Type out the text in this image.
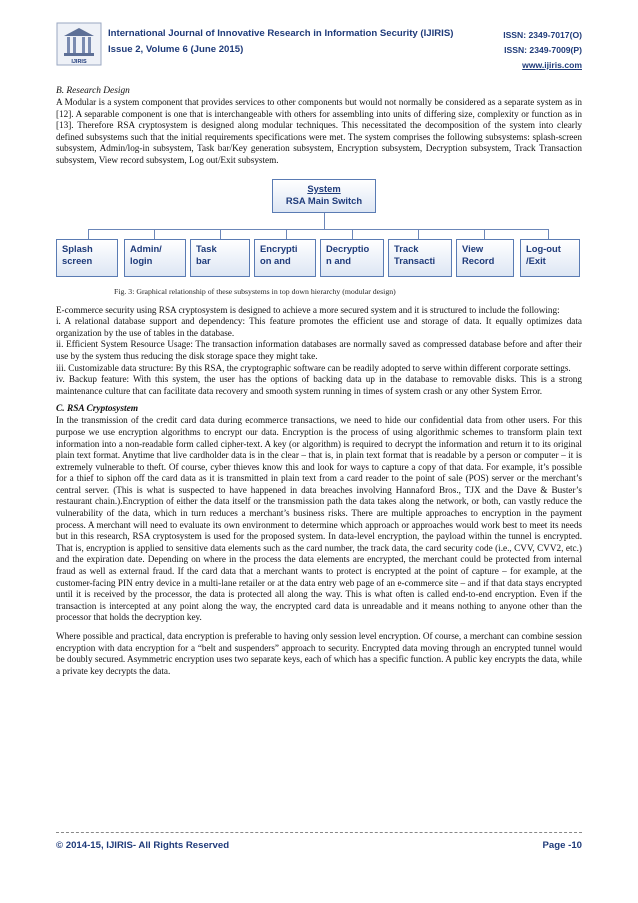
IJIRIS
International Journal of Innovative Research in Information Security (IJIRIS)
Issue 2, Volume 6 (June 2015)
ISSN: 2349-7017(O)
ISSN: 2349-7009(P)
www.ijiris.com
B. Research Design

A Modular is a system component that provides services to other components but would not normally be considered as a separate system as in [12]. A separable component is one that is interchangeable with others for assembling into units of differing size, complexity or function as in [13]. Therefore RSA cryptosystem is designed along modular techniques. This necessitated the decomposition of the system into clearly defined subsystems such that the initial requirements specifications were met. The system comprises the following subsystems: splash-screen subsystem, Admin/log-in subsystem, Task bar/Key generation subsystem, Encryption subsystem, Decryption subsystem, Track Transaction subsystem, View record subsystem, Log out/Exit subsystem.

System
RSA Main Switch
Splash
screen
Admin/
login
Task
bar
Encrypti
on and
Decryptio
n and
Track
Transacti
View
Record
Log-out
/Exit
Fig. 3: Graphical relationship of these subsystems in top down hierarchy (modular design)

E-commerce security using RSA cryptosystem is designed to achieve a more secured system and it is structured to include the following:

i. A relational database support and dependency: This feature promotes the efficient use and storage of data. It equally optimizes data organization by the use of tables in the database.
ii. Efficient System Resource Usage: The transaction information databases are normally saved as compressed database before and after their use by the system thus reducing the disk storage space they might take.
iii. Customizable data structure: By this RSA, the cryptographic software can be readily adopted to serve within different corporate settings.
iv. Backup feature: With this system, the user has the options of backing data up in the database to removable disks. This is a strong maintenance culture that can facilitate data recovery and smooth system running in times of system crash or any other System Error.
C. RSA Cryptosystem

In the transmission of the credit card data during ecommerce transactions, we need to hide our confidential data from other users. For this purpose we use encryption algorithms to encrypt our data. Encryption is the process of using algorithmic schemes to transform plain text information into a non-readable form called cipher-text. A key (or algorithm) is required to decrypt the information and return it to its original plain text format. Anytime that live cardholder data is in the clear – that is, in plain text format that is readable by a person or computer – it is extremely vulnerable to theft. Of course, cyber thieves know this and look for ways to capture a copy of that data. For example, it’s possible for a thief to siphon off the card data as it is transmitted in plain text from a card reader to the point of sale (POS) server or the merchant’s central server. (This is what is suspected to have happened in data breaches involving Hannaford Bros., TJX and the Dave & Buster’s restaurant chain.).Encryption of either the data itself or the transmission path the data takes along the network, or both, can vastly reduce the vulnerability of the data, which in turn reduces a merchant’s business risks. There are multiple approaches to encryption in the payment process. A merchant will need to evaluate its own environment to determine which approach or approaches would work best to meet its needs but in this research, RSA cryptosystem is used for the proposed system. In data-level encryption, the payload within the tunnel is encrypted. That is, encryption is applied to sensitive data elements such as the card number, the track data, the card security code (i.e., CVV, CVV2, etc.) and the expiration date. Depending on where in the process the data elements are encrypted, the merchant could be protected from internal fraud as well as external fraud. If the card data that a merchant wants to protect is encrypted at the point of capture – for example, at the customer-facing PIN entry device in a multi-lane retailer or at the data entry web page of an e-commerce site – and if that data stays encrypted until it is received by the processor, the data is protected all along the way. This is what often is called end-to-end encryption. Even if the transaction is intercepted at any point along the way, the encrypted card data is unreadable and it means nothing to anyone other than the processor that holds the decryption key.

Where possible and practical, data encryption is preferable to having only session level encryption. Of course, a merchant can combine session encryption with data encryption for a “belt and suspenders” approach to security. Encrypted data moving through an encrypted tunnel would be doubly secured. Asymmetric encryption uses two separate keys, each of which has a specific function. A public key encrypts the data, while a private key decrypts the data.

© 2014-15, IJIRIS- All Rights Reserved	Page -10
